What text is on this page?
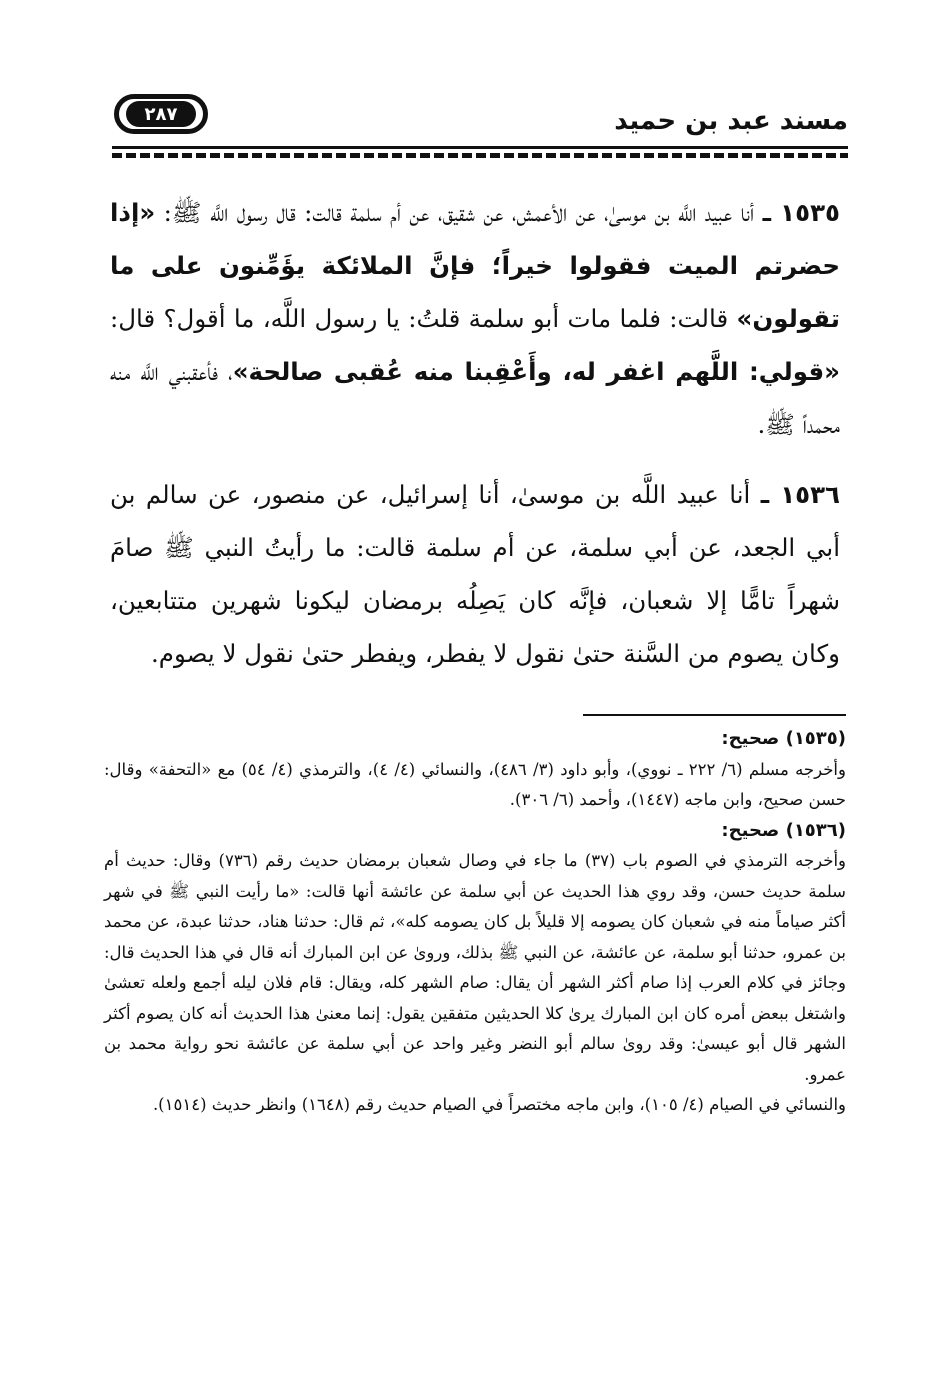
مسند عبد بن حميد
٢٨٧
١٥٣٥ ـ أنا عبيد اللَّه بن موسىٰ، عن الأعمش، عن شقيق، عن أم سلمة قالت: قال رسول اللَّه ﷺ: «إذا حضرتم الميت فقولوا خيراً؛ فإنَّ الملائكة يؤَمِّنون على ما تقولون» قالت: فلما مات أبو سلمة قلتُ: يا رسول اللَّه، ما أقول؟ قال: «قولي: اللَّهم اغفر له، وأَعْقِبنا منه عُقبى صالحة»، فأعقبني اللَّه منه محمداً ﷺ.
١٥٣٦ ـ أنا عبيد اللَّه بن موسىٰ، أنا إسرائيل، عن منصور، عن سالم بن أبي الجعد، عن أبي سلمة، عن أم سلمة قالت: ما رأيتُ النبي ﷺ صامَ شهراً تامًّا إلا شعبان، فإنَّه كان يَصِلُه برمضان ليكونا شهرين متتابعين، وكان يصوم من السَّنة حتىٰ نقول لا يفطر، ويفطر حتىٰ نقول لا يصوم.
(١٥٣٥) صحيح:
وأخرجه مسلم (٦/ ٢٢٢ ـ نووي)، وأبو داود (٣/ ٤٨٦)، والنسائي (٤/ ٤)، والترمذي (٤/ ٥٤) مع «التحفة» وقال: حسن صحيح، وابن ماجه (١٤٤٧)، وأحمد (٦/ ٣٠٦).
(١٥٣٦) صحيح:
وأخرجه الترمذي في الصوم باب (٣٧) ما جاء في وصال شعبان برمضان حديث رقم (٧٣٦) وقال: حديث أم سلمة حديث حسن، وقد روي هذا الحديث عن أبي سلمة عن عائشة أنها قالت: «ما رأيت النبي ﷺ في شهر أكثر صياماً منه في شعبان كان يصومه إلا قليلاً بل كان يصومه كله»، ثم قال: حدثنا هناد، حدثنا عبدة، عن محمد بن عمرو، حدثنا أبو سلمة، عن عائشة، عن النبي ﷺ بذلك، وروىٰ عن ابن المبارك أنه قال في هذا الحديث قال: وجائز في كلام العرب إذا صام أكثر الشهر أن يقال: صام الشهر كله، ويقال: قام فلان ليله أجمع ولعله تعشىٰ واشتغل ببعض أمره كان ابن المبارك يرىٰ كلا الحديثين متفقين يقول: إنما معنىٰ هذا الحديث أنه كان يصوم أكثر الشهر قال أبو عيسىٰ: وقد روىٰ سالم أبو النضر وغير واحد عن أبي سلمة عن عائشة نحو رواية محمد بن عمرو.
والنسائي في الصيام (٤/ ١٠٥)، وابن ماجه مختصراً في الصيام حديث رقم (١٦٤٨) وانظر حديث (١٥١٤).
